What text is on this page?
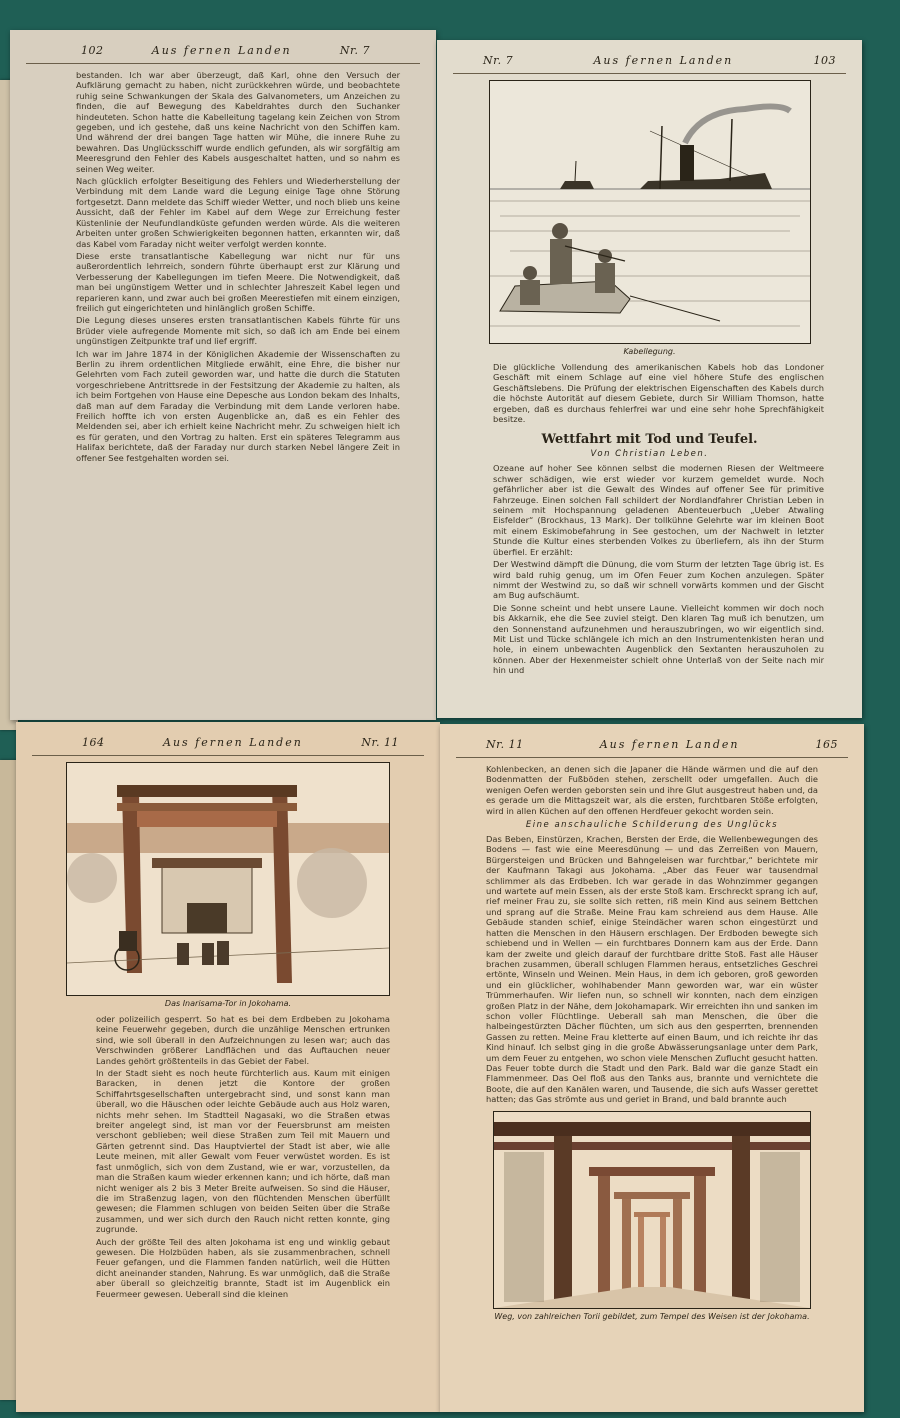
102	Aus fernen Landen	Nr. 7

bestanden. Ich war aber überzeugt, daß Karl, ohne den Versuch der Aufklärung gemacht zu haben, nicht zurückkehren würde, und beobachtete ruhig seine Schwankungen der Skala des Galvanometers, um Anzeichen zu finden, die auf Bewegung des Kabeldrahtes durch den Suchanker hindeuteten. Schon hatte die Kabelleitung tagelang kein Zeichen von Strom gegeben, und ich gestehe, daß uns keine Nachricht von den Schiffen kam. Und während der drei bangen Tage hatten wir Mühe, die innere Ruhe zu bewahren. Das Unglücksschiff wurde endlich gefunden, als wir sorgfältig am Meeresgrund den Fehler des Kabels ausgeschaltet hatten, und so nahm es seinen Weg weiter.

Nach glücklich erfolgter Beseitigung des Fehlers und Wiederherstellung der Verbindung mit dem Lande ward die Legung einige Tage ohne Störung fortgesetzt. Dann meldete das Schiff wieder Wetter, und noch blieb uns keine Aussicht, daß der Fehler im Kabel auf dem Wege zur Erreichung fester Küstenlinie der Neufundlandküste gefunden werden würde. Als die weiteren Arbeiten unter großen Schwierigkeiten begonnen hatten, erkannten wir, daß das Kabel vom Faraday nicht weiter verfolgt werden konnte.

Diese erste transatlantische Kabellegung war nicht nur für uns außerordentlich lehrreich, sondern führte überhaupt erst zur Klärung und Verbesserung der Kabellegungen im tiefen Meere. Die Notwendigkeit, daß man bei ungünstigem Wetter und in schlechter Jahreszeit Kabel legen und reparieren kann, und zwar auch bei großen Meerestiefen mit einem einzigen, freilich gut eingerichteten und hinlänglich großen Schiffe.

Die Legung dieses unseres ersten transatlantischen Kabels führte für uns Brüder viele aufregende Momente mit sich, so daß ich am Ende bei einem ungünstigen Zeitpunkte traf und lief ergriff.

Ich war im Jahre 1874 in der Königlichen Akademie der Wissenschaften zu Berlin zu ihrem ordentlichen Mitgliede erwählt, eine Ehre, die bisher nur Gelehrten vom Fach zuteil geworden war, und hatte die durch die Statuten vorgeschriebene Antrittsrede in der Festsitzung der Akademie zu halten, als ich beim Fortgehen von Hause eine Depesche aus London bekam des Inhalts, daß man auf dem Faraday die Verbindung mit dem Lande verloren habe. Freilich hoffte ich von ersten Augenblicke an, daß es ein Fehler des Meldenden sei, aber ich erhielt keine Nachricht mehr. Zu schweigen hielt ich es für geraten, und den Vortrag zu halten. Erst ein späteres Telegramm aus Halifax berichtete, daß der Faraday nur durch starken Nebel längere Zeit in offener See festgehalten worden sei.

Nr. 7	Aus fernen Landen	103
Kabellegung.

Die glückliche Vollendung des amerikanischen Kabels hob das Londoner Geschäft mit einem Schlage auf eine viel höhere Stufe des englischen Geschäftslebens. Die Prüfung der elektrischen Eigenschaften des Kabels durch die höchste Autorität auf diesem Gebiete, durch Sir William Thomson, hatte ergeben, daß es durchaus fehlerfrei war und eine sehr hohe Sprechfähigkeit besitze.

Wettfahrt mit Tod und Teufel.
Von Christian Leben.

Ozeane auf hoher See können selbst die modernen Riesen der Weltmeere schwer schädigen, wie erst wieder vor kurzem gemeldet wurde. Noch gefährlicher aber ist die Gewalt des Windes auf offener See für primitive Fahrzeuge. Einen solchen Fall schildert der Nordlandfahrer Christian Leben in seinem mit Hochspannung geladenen Abenteuerbuch „Ueber Atwaling Eisfelder“ (Brockhaus, 13 Mark). Der tollkühne Gelehrte war im kleinen Boot mit einem Eskimobefahrung in See gestochen, um der Nachwelt in letzter Stunde die Kultur eines sterbenden Volkes zu überliefern, als ihn der Sturm überfiel. Er erzählt:

Der Westwind dämpft die Dünung, die vom Sturm der letzten Tage übrig ist. Es wird bald ruhig genug, um im Ofen Feuer zum Kochen anzulegen. Später nimmt der Westwind zu, so daß wir schnell vorwärts kommen und der Gischt am Bug aufschäumt.

Die Sonne scheint und hebt unsere Laune. Vielleicht kommen wir doch noch bis Akkarnik, ehe die See zuviel steigt. Den klaren Tag muß ich benutzen, um den Sonnenstand aufzunehmen und herauszubringen, wo wir eigentlich sind. Mit List und Tücke schlängele ich mich an den Instrumentenkisten heran und hole, in einem unbewachten Augenblick den Sextanten herauszuholen zu können. Aber der Hexenmeister schielt ohne Unterlaß von der Seite nach mir hin und

164	Aus fernen Landen	Nr. 11
Das Inarisama-Tor in Jokohama.

oder polizeilich gesperrt. So hat es bei dem Erdbeben zu Jokohama keine Feuerwehr gegeben, durch die unzählige Menschen ertrunken sind, wie soll überall in den Aufzeichnungen zu lesen war; auch das Verschwinden größerer Landflächen und das Auftauchen neuer Landes gehört größtenteils in das Gebiet der Fabel.

In der Stadt sieht es noch heute fürchterlich aus. Kaum mit einigen Baracken, in denen jetzt die Kontore der großen Schiffahrtsgesellschaften untergebracht sind, und sonst kann man überall, wo die Häuschen oder leichte Gebäude auch aus Holz waren, nichts mehr sehen. Im Stadtteil Nagasaki, wo die Straßen etwas breiter angelegt sind, ist man vor der Feuersbrunst am meisten verschont geblieben; weil diese Straßen zum Teil mit Mauern und Gärten getrennt sind. Das Hauptviertel der Stadt ist aber, wie alle Leute meinen, mit aller Gewalt vom Feuer verwüstet worden. Es ist fast unmöglich, sich von dem Zustand, wie er war, vorzustellen, da man die Straßen kaum wieder erkennen kann; und ich hörte, daß man nicht weniger als 2 bis 3 Meter Breite aufweisen. So sind die Häuser, die im Straßenzug lagen, von den flüchtenden Menschen überfüllt gewesen; die Flammen schlugen von beiden Seiten über die Straße zusammen, und wer sich durch den Rauch nicht retten konnte, ging zugrunde.

Auch der größte Teil des alten Jokohama ist eng und winklig gebaut gewesen. Die Holzbüden haben, als sie zusammenbrachen, schnell Feuer gefangen, und die Flammen fanden natürlich, weil die Hütten dicht aneinander standen, Nahrung. Es war unmöglich, daß die Straße aber überall so gleichzeitig brannte, Stadt ist im Augenblick ein Feuermeer gewesen. Ueberall sind die kleinen

Nr. 11	Aus fernen Landen	165

Kohlenbecken, an denen sich die Japaner die Hände wärmen und die auf den Bodenmatten der Fußböden stehen, zerschellt oder umgefallen. Auch die wenigen Oefen werden geborsten sein und ihre Glut ausgestreut haben und, da es gerade um die Mittagszeit war, als die ersten, furchtbaren Stöße erfolgten, wird in allen Küchen auf den offenen Herdfeuer gekocht worden sein.

Eine anschauliche Schilderung des Unglücks

Das Beben, Einstürzen, Krachen, Bersten der Erde, die Wellenbewegungen des Bodens — fast wie eine Meeresdünung — und das Zerreißen von Mauern, Bürgersteigen und Brücken und Bahngeleisen war furchtbar,“ berichtete mir der Kaufmann Takagi aus Jokohama. „Aber das Feuer war tausendmal schlimmer als das Erdbeben. Ich war gerade in das Wohnzimmer gegangen und wartete auf mein Essen, als der erste Stoß kam. Erschreckt sprang ich auf, rief meiner Frau zu, sie sollte sich retten, riß mein Kind aus seinem Bettchen und sprang auf die Straße. Meine Frau kam schreiend aus dem Hause. Alle Gebäude standen schief, einige Steindächer waren schon eingestürzt und hatten die Menschen in den Häusern erschlagen. Der Erdboden bewegte sich schiebend und in Wellen — ein furchtbares Donnern kam aus der Erde. Dann kam der zweite und gleich darauf der furchtbare dritte Stoß. Fast alle Häuser brachen zusammen, überall schlugen Flammen heraus, entsetzliches Geschrei ertönte, Winseln und Weinen. Mein Haus, in dem ich geboren, groß geworden und ein glücklicher, wohlhabender Mann geworden war, war ein wüster Trümmerhaufen. Wir liefen nun, so schnell wir konnten, nach dem einzigen großen Platz in der Nähe, dem Jokohamapark. Wir erreichten ihn und sanken im schon voller Flüchtlinge. Ueberall sah man Menschen, die über die halbeingestürzten Dächer flüchten, um sich aus den gesperrten, brennenden Gassen zu retten. Meine Frau kletterte auf einen Baum, und ich reichte ihr das Kind hinauf. Ich selbst ging in die große Abwässerungsanlage unter dem Park, um dem Feuer zu entgehen, wo schon viele Menschen Zuflucht gesucht hatten. Das Feuer tobte durch die Stadt und den Park. Bald war die ganze Stadt ein Flammenmeer. Das Oel floß aus den Tanks aus, brannte und vernichtete die Boote, die auf den Kanälen waren, und Tausende, die sich aufs Wasser gerettet hatten; das Gas strömte aus und geriet in Brand, und bald brannte auch

Weg, von zahlreichen Torii gebildet, zum Tempel des Weisen ist der Jokohama.
